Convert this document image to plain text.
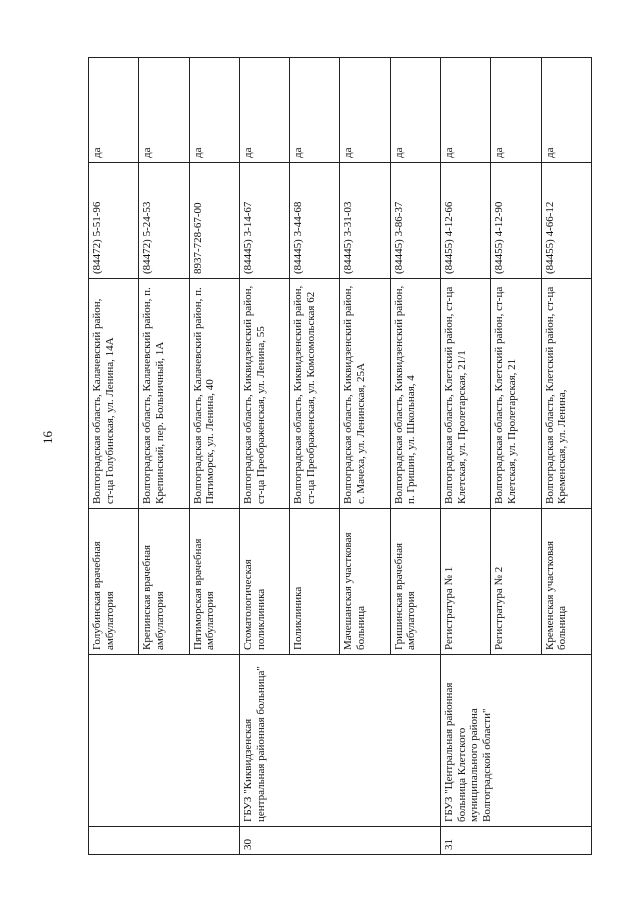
16
		Голубинская врачебная амбулатория	Волгоградская область, Калачевский район, ст-ца Голубинская, ул. Ленина, 14А	(84472) 5-51-96	да
		Крепинская врачебная амбулатория	Волгоградская область, Калачевский район, п. Крепинский, пер. Больничный, 1А	(84472) 5-24-53	да
		Пятиморская врачебная амбулатория	Волгоградская область, Калачевский район, п. Пятиморск, ул. Ленина, 40	8937-728-67-00	да
30	ГБУЗ "Киквидзенская центральная районная больница"	Стоматологическая поликлиника	Волгоградская область, Киквидзенский район, ст-ца Преображенская, ул. Ленина, 55	(84445) 3-14-67	да
		Поликлиника	Волгоградская область, Киквидзенский район, ст-ца Преображенская, ул. Комсомольская 62	(84445) 3-44-68	да
		Мачешанская участковая больница	Волгоградская область, Киквидзенский район, с. Мачеха, ул. Ленинская, 25А	(84445) 3-31-03	да
		Гришинская врачебная амбулатория	Волгоградская область, Киквидзенский район, п. Гришин, ул. Школьная, 4	(84445) 3-86-37	да
31	ГБУЗ "Центральная районная больница Клетского муниципального района Волгоградской области"	Регистратура № 1	Волгоградская область, Клетский район, ст-ца Клетская, ул. Пролетарская, 21/1	(84455) 4-12-66	да
		Регистратура № 2	Волгоградская область, Клетский район, ст-ца Клетская, ул. Пролетарская, 21	(84455) 4-12-90	да
		Кременская участковая больница	Волгоградская область, Клетский район, ст-ца Кременская, ул. Ленина,	(84455) 4-66-12	да
